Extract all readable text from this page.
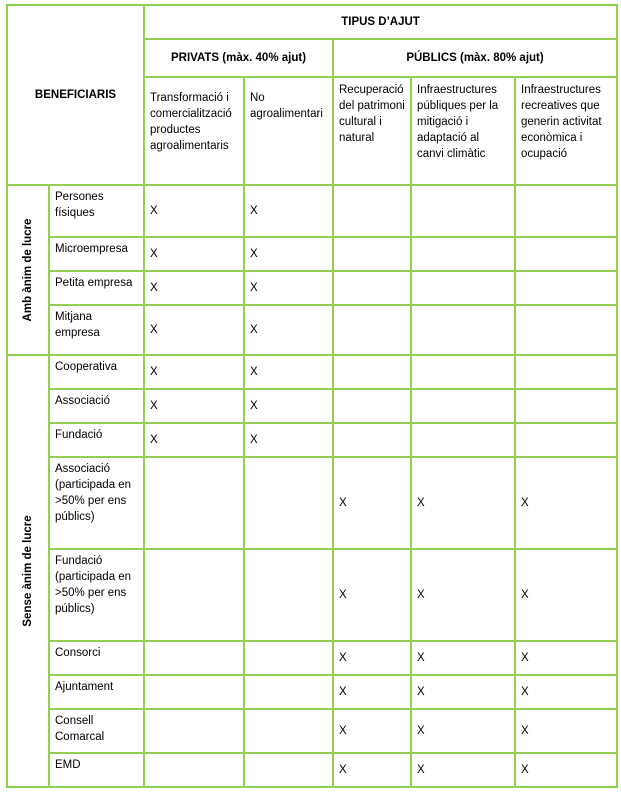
BENEFICIARIS		TIPUS D’AJUT				
		PRIVATS (màx. 40% ajut)		PÚBLICS (màx. 80% ajut)		
		Transformació i comercialització productes agroalimentaris	No agroalimentari	Recuperació del patrimoni cultural i natural	Infraestructures públiques per la mitigació i adaptació al canvi climàtic	Infraestructures recreatives que generin activitat econòmica i ocupació

Amb ànim de lucre	Persones físiques	X	X			
	Microempresa	X	X			
	Petita empresa	X	X			
	Mitjana empresa	X	X			

Sense ànim de lucre	Cooperativa	X	X			
	Associació	X	X			
	Fundació	X	X			
	Associació (participada en >50% per ens públics)			X	X	X
	Fundació (participada en >50% per ens públics)			X	X	X
	Consorci			X	X	X
	Ajuntament			X	X	X
	Consell Comarcal			X	X	X
	EMD			X	X	X
